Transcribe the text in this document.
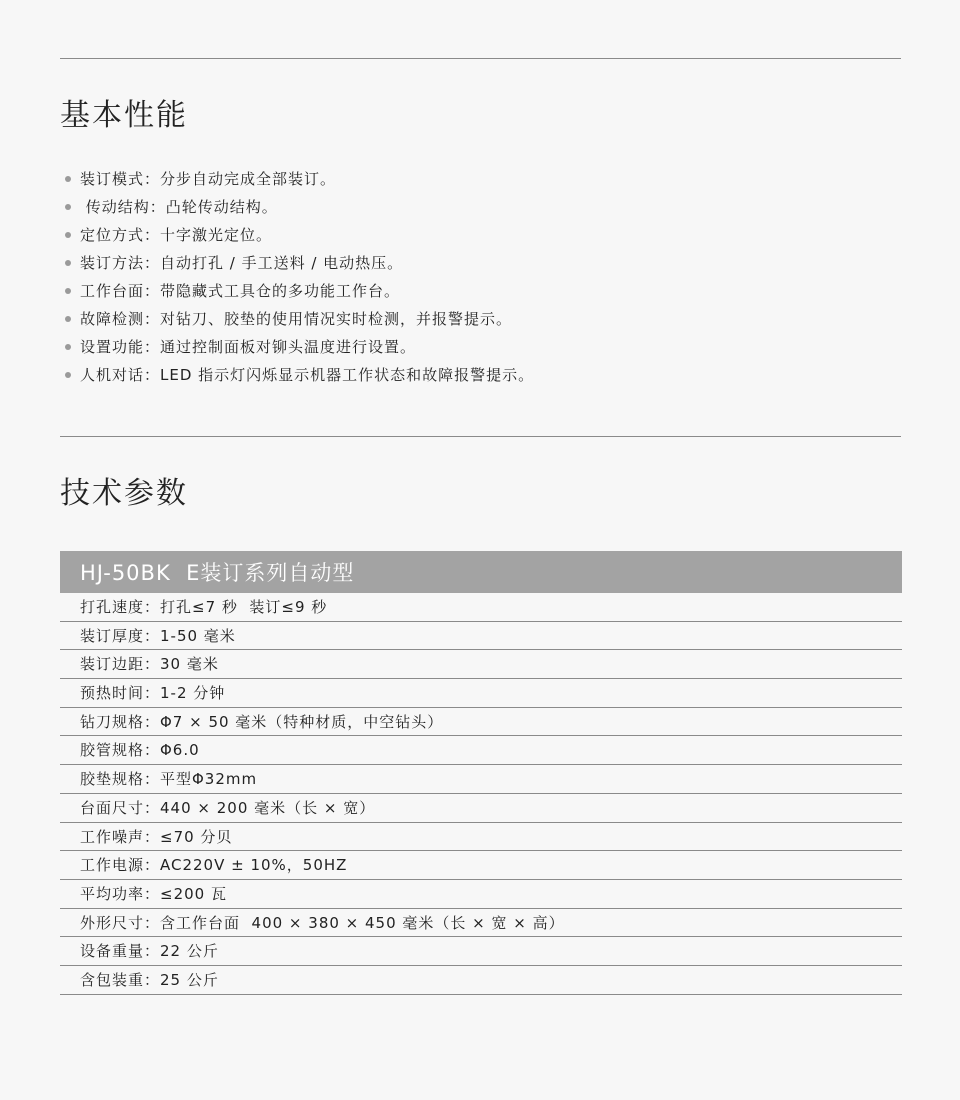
基本性能
装订模式：分步自动完成全部装订。
传动结构：凸轮传动结构。
定位方式：十字激光定位。
装订方法：自动打孔 / 手工送料 / 电动热压。
工作台面：带隐藏式工具仓的多功能工作台。
故障检测：对钻刀、胶垫的使用情况实时检测，并报警提示。
设置功能：通过控制面板对铆头温度进行设置。
人机对话：LED 指示灯闪烁显示机器工作状态和故障报警提示。
技术参数
HJ-50BK  E装订系列自动型
打孔速度：打孔≤7 秒  装订≤9 秒
装订厚度：1-50 毫米
装订边距：30 毫米
预热时间：1-2 分钟
钻刀规格：Φ7 × 50 毫米（特种材质，中空钻头）
胶管规格：Φ6.0
胶垫规格：平型Φ32mm
台面尺寸：440 × 200 毫米（长 × 宽）
工作噪声：≤70 分贝
工作电源：AC220V ± 10%，50HZ
平均功率：≤200 瓦
外形尺寸：含工作台面  400 × 380 × 450 毫米（长 × 宽 × 高）
设备重量：22 公斤
含包装重：25 公斤
